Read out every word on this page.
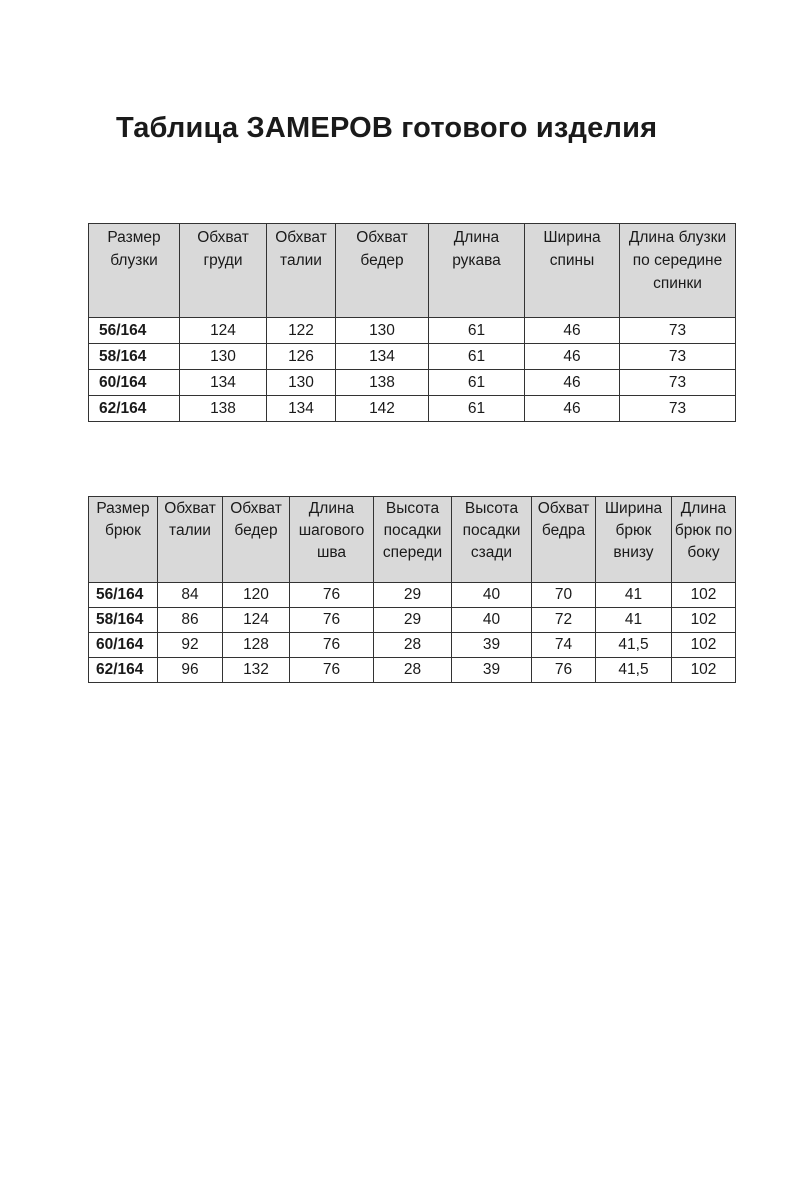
Таблица ЗАМЕРОВ готового изделия
Размер блузки	Обхват груди	Обхват талии	Обхват бедер	Длина рукава	Ширина спины	Длина блузки по середине спинки
56/164	124	122	130	61	46	73
58/164	130	126	134	61	46	73
60/164	134	130	138	61	46	73
62/164	138	134	142	61	46	73
Размер брюк	Обхват талии	Обхват бедер	Длина шагового шва	Высота посадки спереди	Высота посадки сзади	Обхват бедра	Ширина брюк внизу	Длина брюк по боку
56/164	84	120	76	29	40	70	41	102
58/164	86	124	76	29	40	72	41	102
60/164	92	128	76	28	39	74	41,5	102
62/164	96	132	76	28	39	76	41,5	102
